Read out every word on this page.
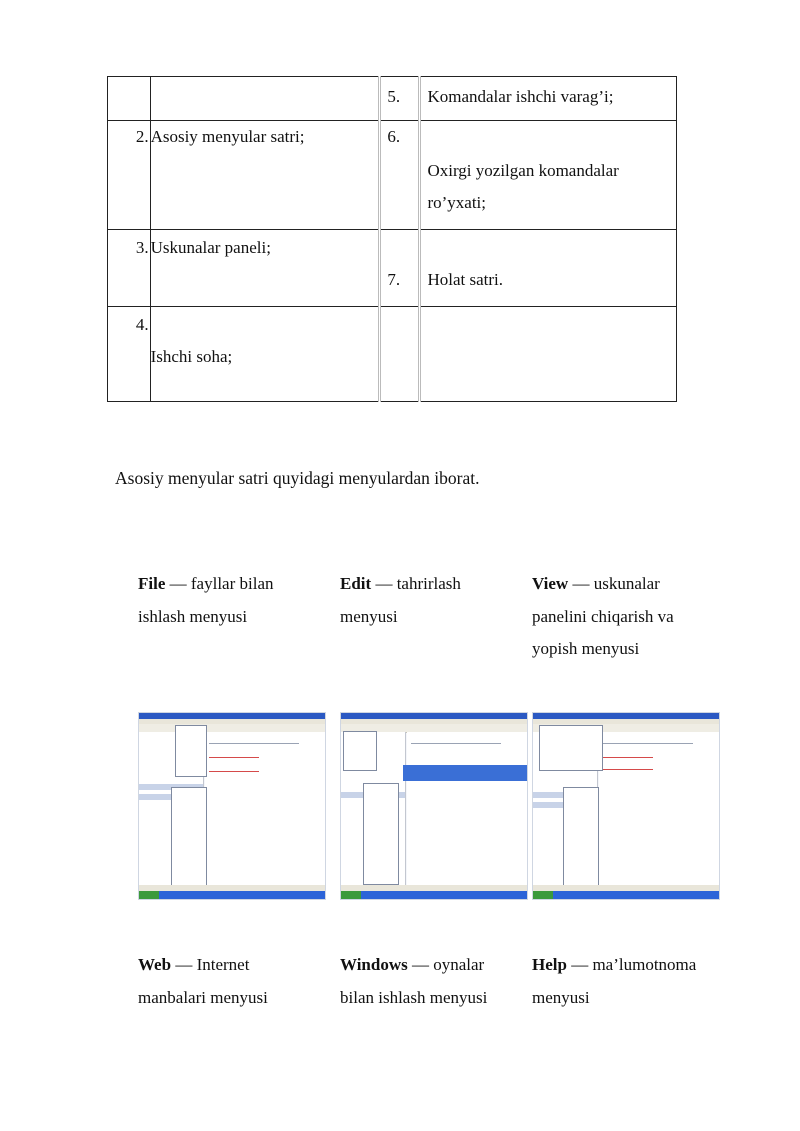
		5.	Komandalar ishchi varag’i;

2.	Asosiy menyular satri;	6.	Oxirgi yozilgan komandalar ro’yxati;

3.	Uskunalar paneli;	7.	Holat satri.

4.	Ishchi soha;		

Asosiy menyular satri quyidagi menyulardan iborat.
File — fayllar bilan ishlash menyusi
Edit — tahrirlash menyusi
View — uskunalar panelini chiqarish va yopish menyusi
Web — Internet manbalari menyusi
Windows — oynalar bilan ishlash menyusi
Help — ma’lumotnoma menyusi
